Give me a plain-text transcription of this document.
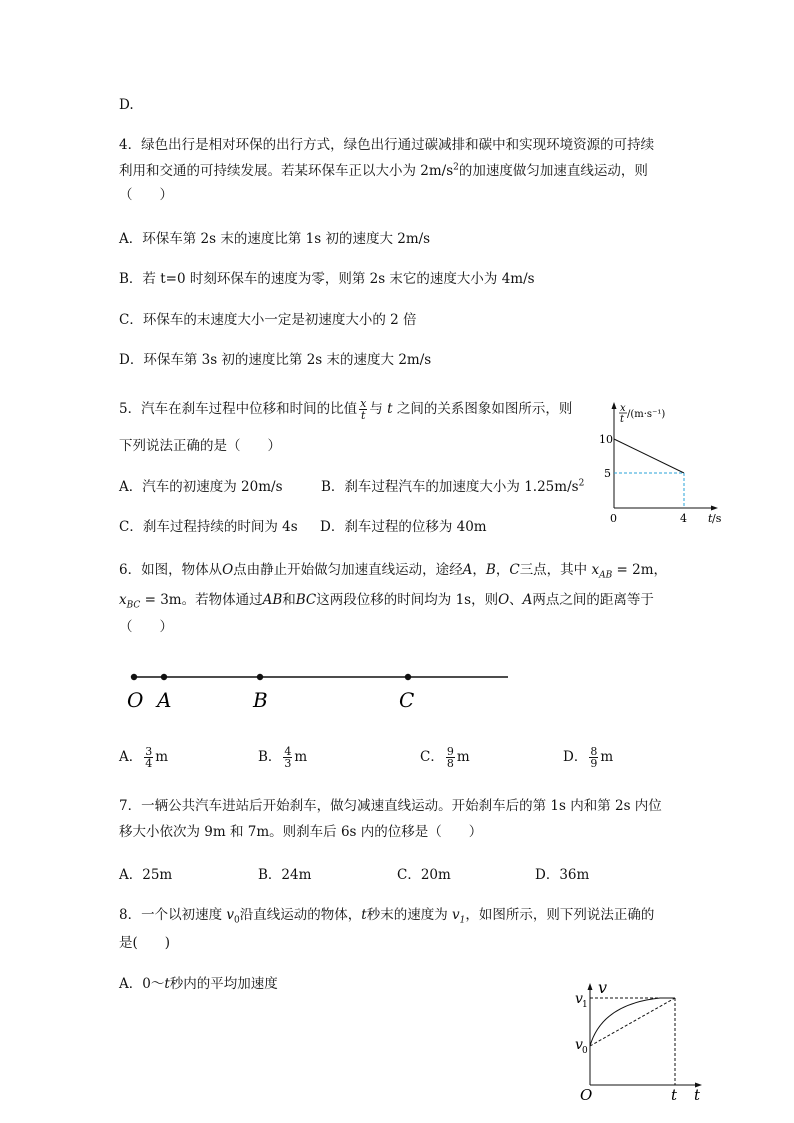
D.
4．绿色出行是相对环保的出行方式，绿色出行通过碳减排和碳中和实现环境资源的可持续
利用和交通的可持续发展。若某环保车正以大小为 $2m/s^2$的加速度做匀加速直线运动，则
（　　）
A．环保车第 2s 末的速度比第 1s 初的速度大 2m/s
B．若 t=0 时刻环保车的速度为零，则第 2s 末它的速度大小为 4m/s
C．环保车的末速度大小一定是初速度大小的 2 倍
D．环保车第 3s 初的速度比第 2s 末的速度大 2m/s
5．汽车在刹车过程中位移和时间的比值 $\frac{x}{t}$ 与 t 之间的关系图象如图所示，则
下列说法正确的是（　　）
A．汽车的初速度为 20m/s	B．刹车过程汽车的加速度大小为 $1.25m/s^2$
C．刹车过程持续的时间为 4s D．刹车过程的位移为 40m
x
t /(m·s⁻¹)
10
5
0	4 t /s
6．如图，物体从O点由静止开始做匀加速直线运动，途经A，B，C三点，其中 $x_{AB} = 2m$，
$x_{BC} = 3m$。若物体通过AB和BC这两段位移的时间均为 1s，则O、A两点之间的距离等于
（　　）
O A	B	C
A． $\frac{3}{4}$ m	B． $\frac{4}{3}$ m	C． $\frac{9}{8}$ m	D． $\frac{8}{9}$ m
7．一辆公共汽车进站后开始刹车，做匀减速直线运动。开始刹车后的第 1s 内和第 2s 内位
移大小依次为 9m 和 7m。则刹车后 6s 内的位移是（　　）
A．25m	B．24m	C．20m	D．36m
8．一个以初速度 $v_0$沿直线运动的物体，t秒末的速度为 $v_1$，如图所示，则下列说法正确的
是(　　)
A．0～t秒内的平均加速度	v
v 1
v 0
O	t t
